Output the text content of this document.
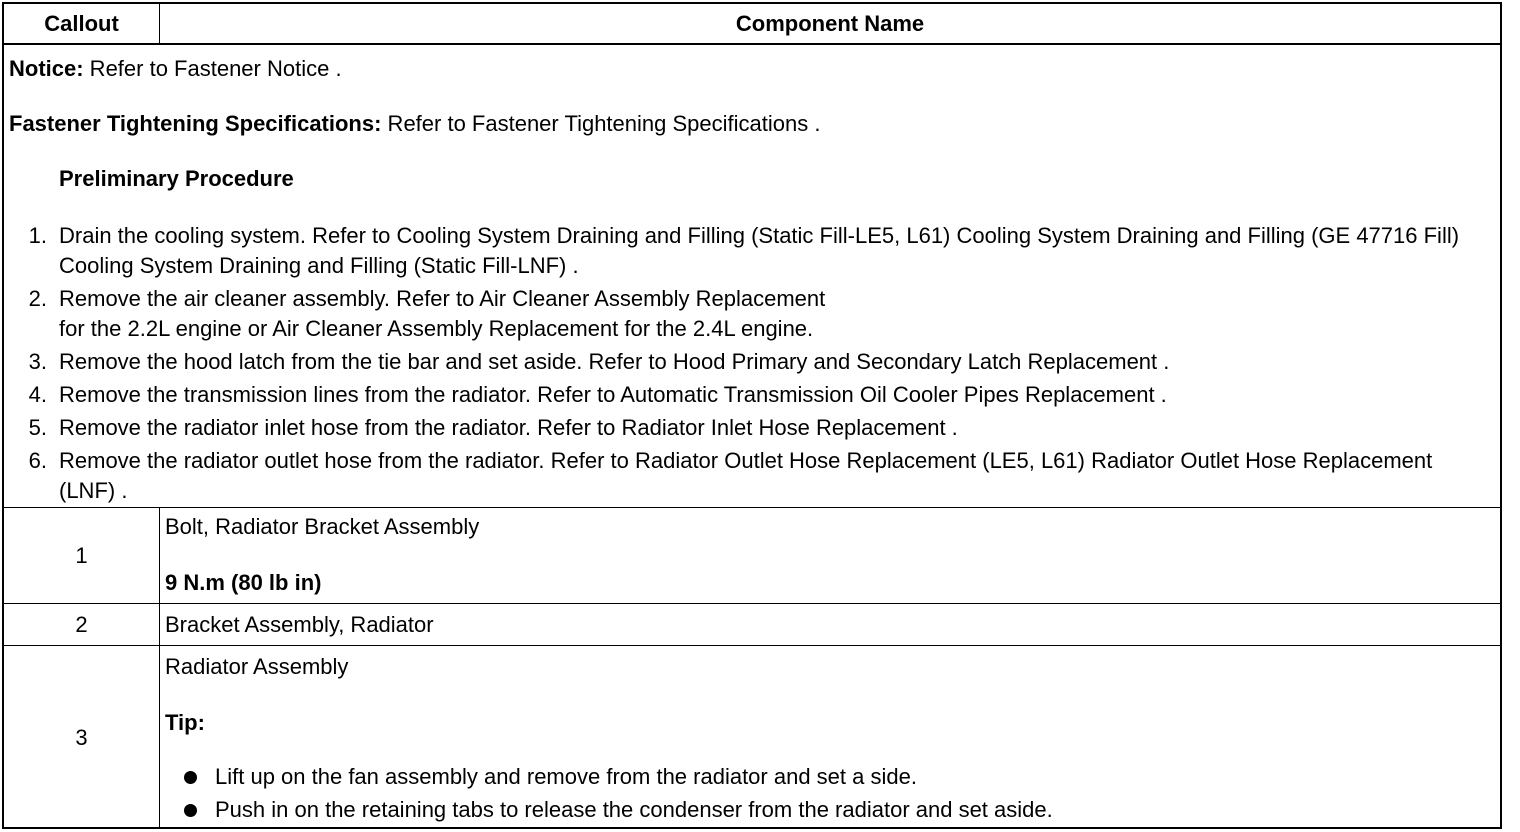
Callout	Component Name
Notice: Refer to Fastener Notice .
Fastener Tightening Specifications: Refer to Fastener Tightening Specifications .
Preliminary Procedure
1. Drain the cooling system. Refer to Cooling System Draining and Filling (Static Fill-LE5, L61) Cooling System Draining and Filling (GE 47716 Fill) Cooling System Draining and Filling (Static Fill-LNF) .
2. Remove the air cleaner assembly. Refer to Air Cleaner Assembly Replacement
for the 2.2L engine or Air Cleaner Assembly Replacement for the 2.4L engine.
3. Remove the hood latch from the tie bar and set aside. Refer to Hood Primary and Secondary Latch Replacement .
4. Remove the transmission lines from the radiator. Refer to Automatic Transmission Oil Cooler Pipes Replacement .
5. Remove the radiator inlet hose from the radiator. Refer to Radiator Inlet Hose Replacement .
6. Remove the radiator outlet hose from the radiator. Refer to Radiator Outlet Hose Replacement (LE5, L61) Radiator Outlet Hose Replacement (LNF) .
1
Bolt, Radiator Bracket Assembly
9 N.m (80 lb in)
2	Bracket Assembly, Radiator
3
Radiator Assembly
Tip:
Lift up on the fan assembly and remove from the radiator and set a side.
Push in on the retaining tabs to release the condenser from the radiator and set aside.
